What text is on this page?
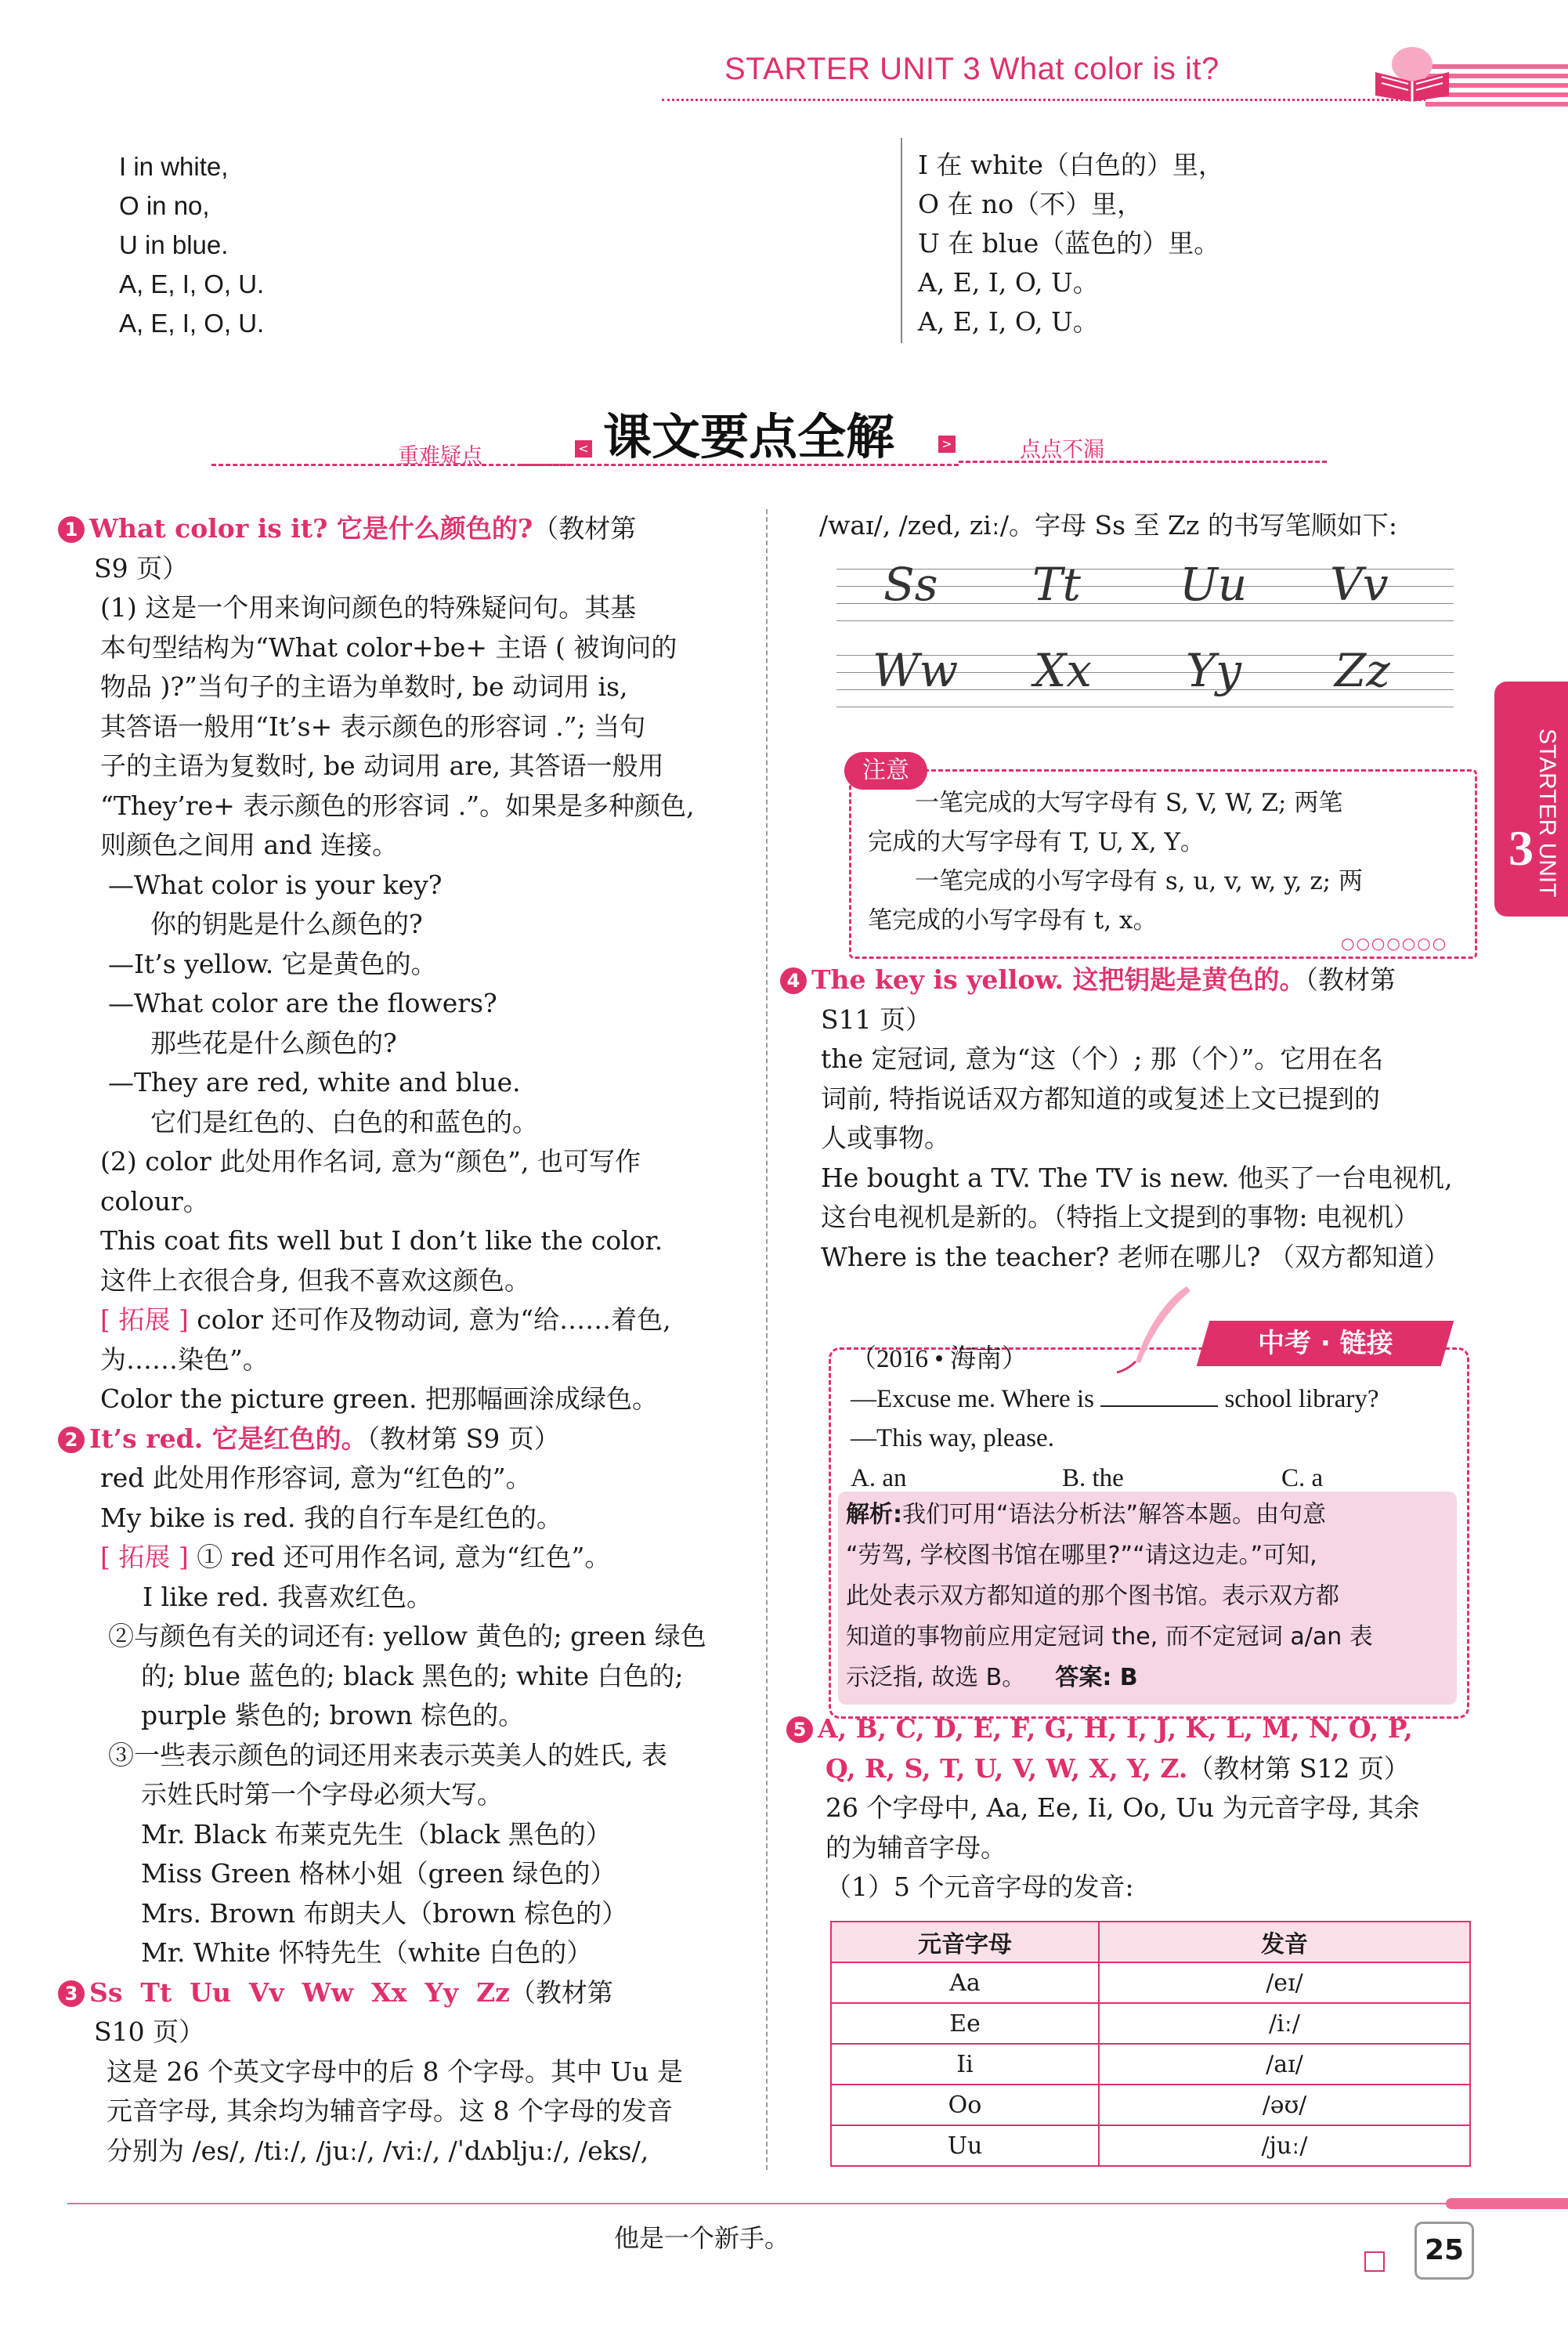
STARTER UNIT 3 What color is it?
I in white,
O in no,
U in blue.
A, E, I, O, U.
A, E, I, O, U.
I 在 white（白色的）里，
O 在 no（不）里，
U 在 blue（蓝色的）里。
A, E, I, O, U。
A, E, I, O, U。
课文要点全解
重难疑点	点点不漏
<	>

1 What color is it? 它是什么颜色的?（教材第

S9 页）

(1) 这是一个用来询问颜色的特殊疑问句。其基

本句型结构为“What color+be+ 主语 ( 被询问的

物品 )?”当句子的主语为单数时, be 动词用 is,

其答语一般用“It’s+ 表示颜色的形容词 .”; 当句

子的主语为复数时, be 动词用 are, 其答语一般用

“They’re+ 表示颜色的形容词 .”。如果是多种颜色,

则颜色之间用 and 连接。

—What color is your key?

你的钥匙是什么颜色的?

—It’s yellow. 它是黄色的。

—What color are the flowers?

那些花是什么颜色的?

—They are red, white and blue.

它们是红色的、白色的和蓝色的。

(2) color 此处用作名词, 意为“颜色”, 也可写作

colour。

This coat fits well but I don’t like the color.

这件上衣很合身, 但我不喜欢这颜色。

[ 拓展 ] color 还可作及物动词, 意为“给……着色,

为……染色”。

Color the picture green. 把那幅画涂成绿色。

2 It’s red. 它是红色的。（教材第 S9 页）

red 此处用作形容词, 意为“红色的”。

My bike is red. 我的自行车是红色的。

[ 拓展 ] ① red 还可用作名词, 意为“红色”。

I like red. 我喜欢红色。

②与颜色有关的词还有: yellow 黄色的; green 绿色

的; blue 蓝色的; black 黑色的; white 白色的;

purple 紫色的; brown 棕色的。

③一些表示颜色的词还用来表示英美人的姓氏, 表

示姓氏时第一个字母必须大写。

Mr. Black 布莱克先生（black 黑色的）

Miss Green 格林小姐（green 绿色的）

Mrs. Brown 布朗夫人（brown 棕色的）

Mr. White 怀特先生（white 白色的）

3 Ss  Tt  Uu  Vv  Ww  Xx  Yy  Zz（教材第

S10 页）

这是 26 个英文字母中的后 8 个字母。其中 Uu 是

元音字母, 其余均为辅音字母。这 8 个字母的发音

分别为 /es/, /tiː/, /juː/, /viː/, /ˈdʌbljuː/, /eks/,

/waɪ/, /zed, ziː/。字母 Ss 至 Zz 的书写笔顺如下:

Ss Tt Uu Vv
Ww Xx Yy Zz
注意
一笔完成的大写字母有 S, V, W, Z; 两笔
完成的大写字母有 T, U, X, Y。
一笔完成的小写字母有 s, u, v, w, y, z; 两
笔完成的小写字母有 t, x。
○○○○○○○

4 The key is yellow. 这把钥匙是黄色的。（教材第

S11 页）

the 定冠词, 意为“这（个）; 那（个）”。它用在名

词前, 特指说话双方都知道的或复述上文已提到的

人或事物。

He bought a TV. The TV is new. 他买了一台电视机,

这台电视机是新的。（特指上文提到的事物: 电视机）

Where is the teacher? 老师在哪儿? （双方都知道）

中考 · 链接

（2016 • 海南）

—Excuse me. Where is	school library?

—This way, please.

A. an	B. the	C. a

解析:我们可用“语法分析法”解答本题。由句意
“劳驾, 学校图书馆在哪里?”“请这边走。”可知,
此处表示双方都知道的那个图书馆。表示双方都
知道的事物前应用定冠词 the, 而不定冠词 a/an 表
示泛指, 故选 B。 答案: B

5 A, B, C, D, E, F, G, H, I, J, K, L, M, N, O, P,

Q, R, S, T, U, V, W, X, Y, Z.（教材第 S12 页）

26 个字母中, Aa, Ee, Ii, Oo, Uu 为元音字母, 其余

的为辅音字母。

（1）5 个元音字母的发音:

元音字母	发音
Aa	/eɪ/
Ee	/iː/
Ii	/aɪ/
Oo	/əʊ/
Uu	/juː/
STARTER UNIT
3
他是一个新手。	25
